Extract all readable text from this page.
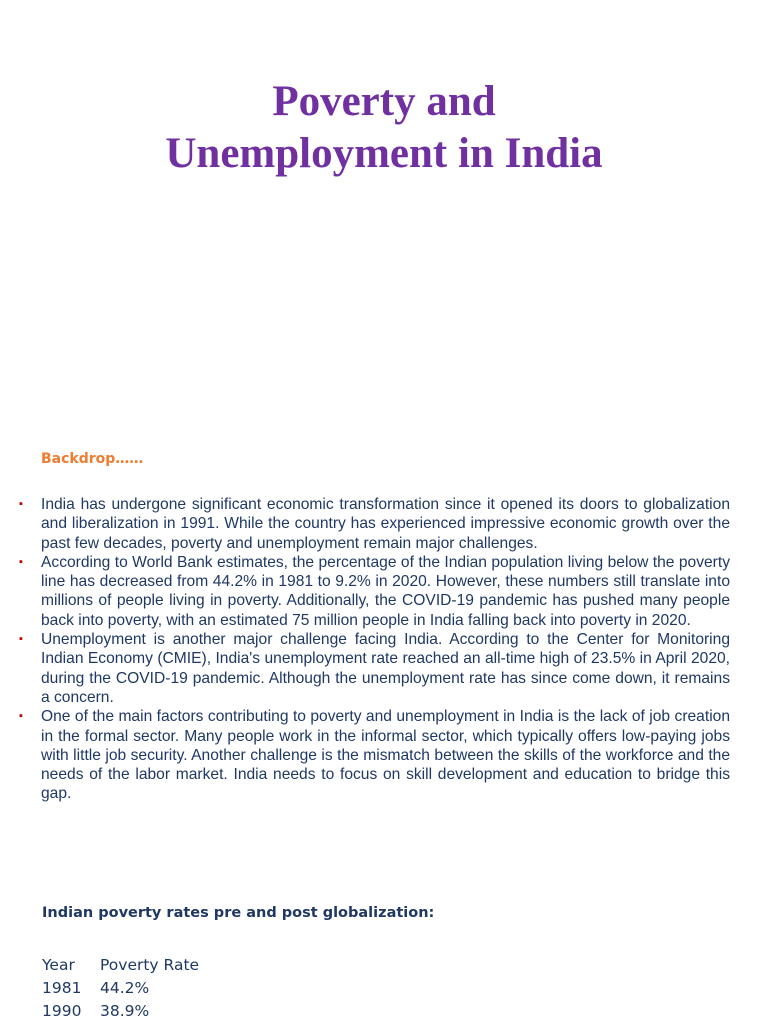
Poverty and
Unemployment in India
Backdrop……
▪ India has undergone significant economic transformation since it opened its doors to globalization and liberalization in 1991. While the country has experienced impressive economic growth over the past few decades, poverty and unemployment remain major challenges.
▪ According to World Bank estimates, the percentage of the Indian population living below the poverty line has decreased from 44.2% in 1981 to 9.2% in 2020. However, these numbers still translate into millions of people living in poverty. Additionally, the COVID-19 pandemic has pushed many people back into poverty, with an estimated 75 million people in India falling back into poverty in 2020.
▪ Unemployment is another major challenge facing India. According to the Center for Monitoring Indian Economy (CMIE), India's unemployment rate reached an all-time high of 23.5% in April 2020, during the COVID-19 pandemic. Although the unemployment rate has since come down, it remains a concern.
▪ One of the main factors contributing to poverty and unemployment in India is the lack of job creation in the formal sector. Many people work in the informal sector, which typically offers low-paying jobs with little job security. Another challenge is the mismatch between the skills of the workforce and the needs of the labor market. India needs to focus on skill development and education to bridge this gap.
Indian poverty rates pre and post globalization:
Year	Poverty Rate
1981	44.2%
1990	38.9%
